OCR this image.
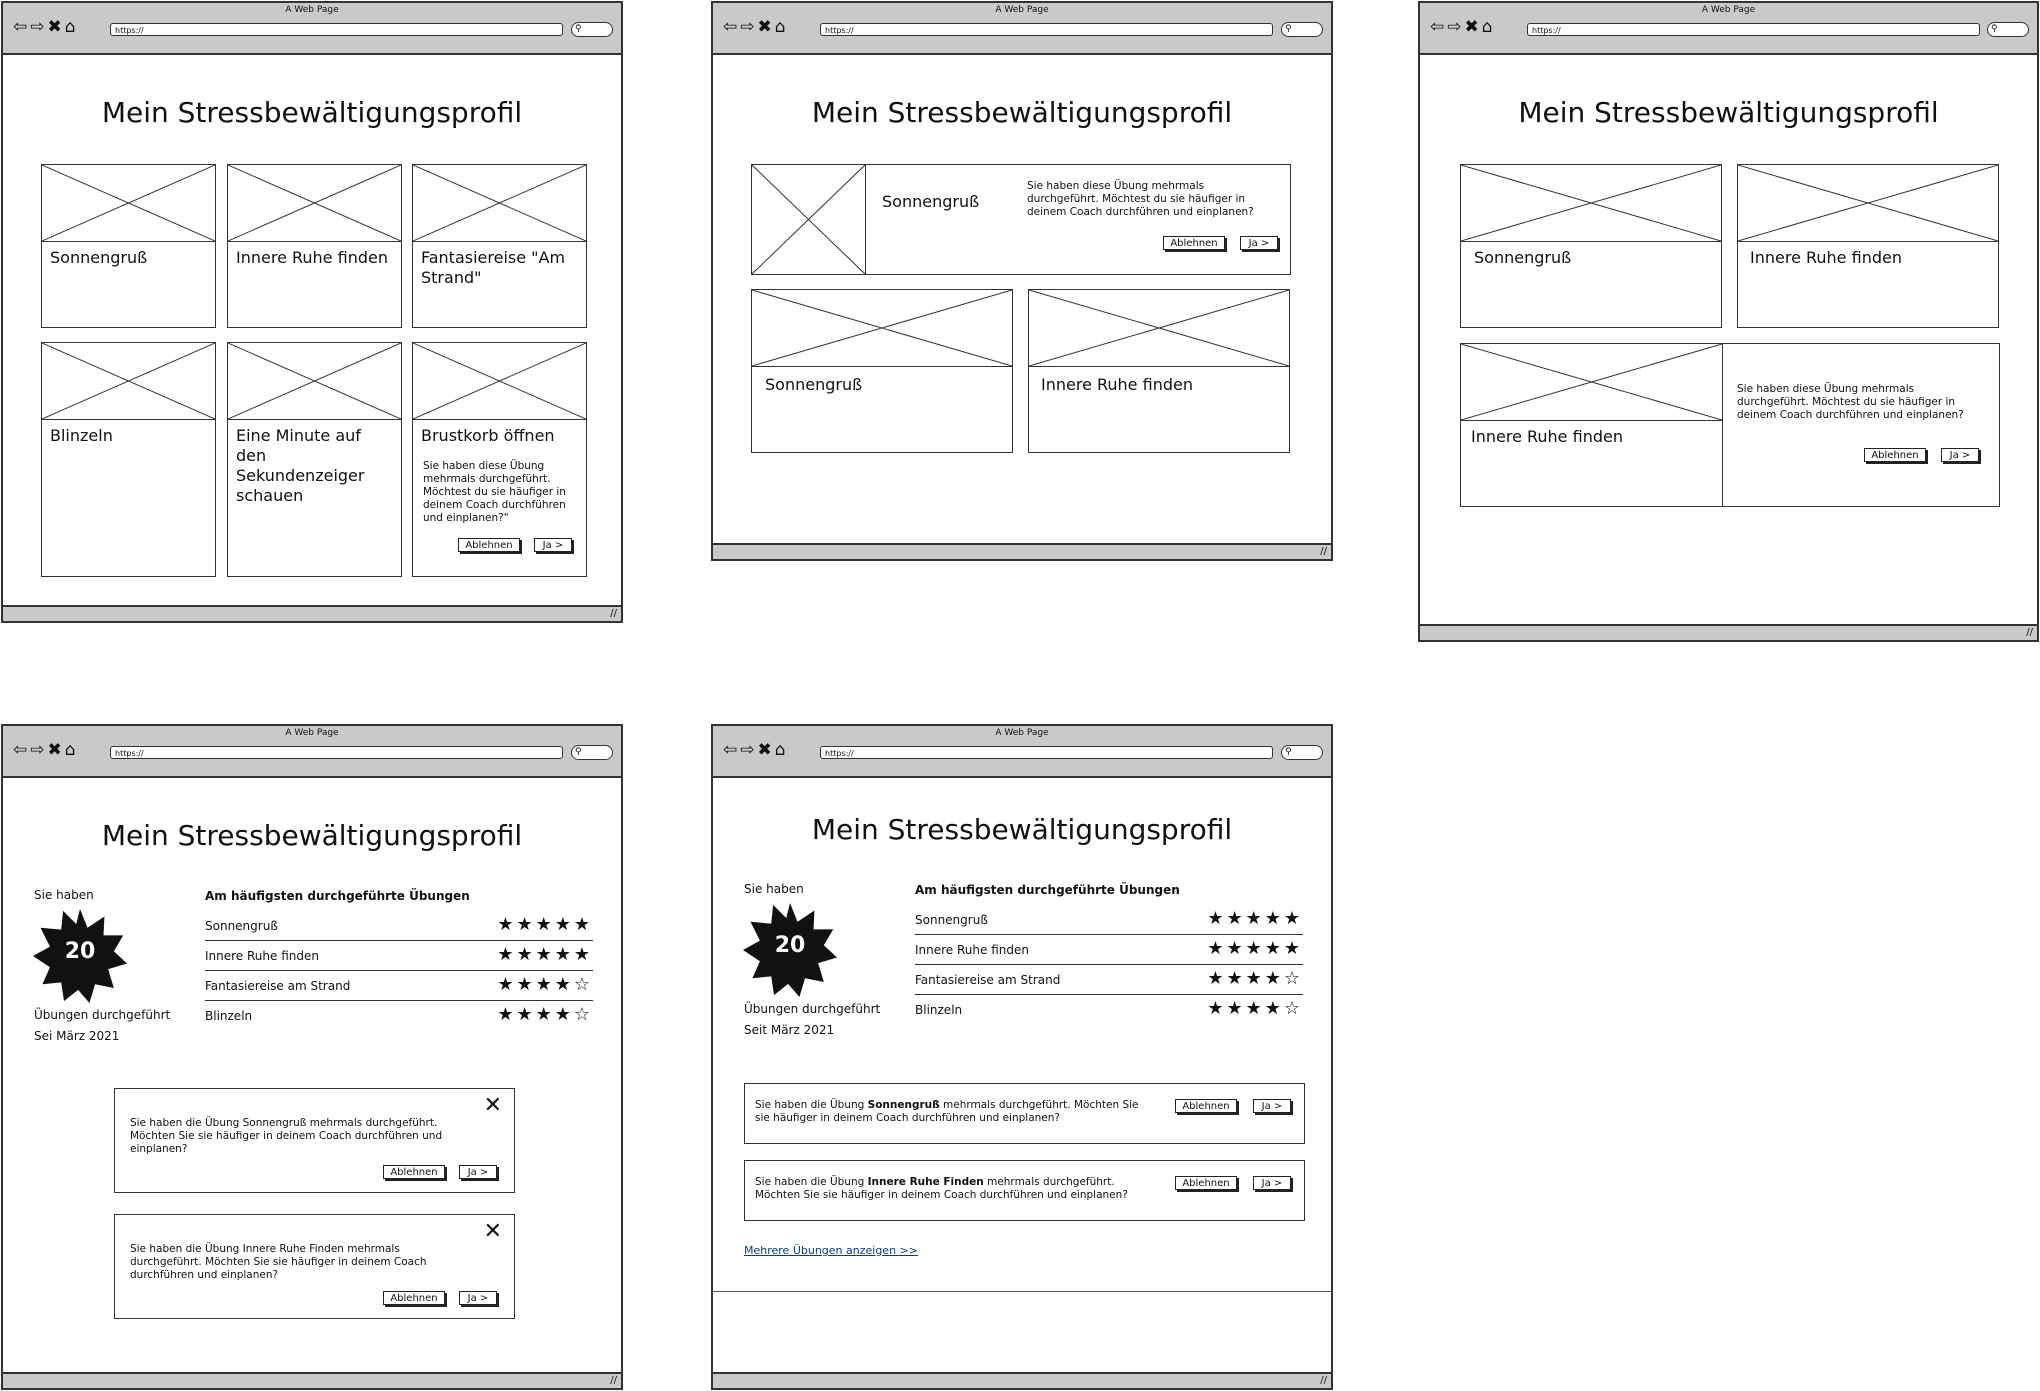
A Web Page
⇦⇨✖⌂	https://	⚲
Mein Stressbewältigungsprofil
Sonnengruß	Innere Ruhe finden	Fantasiereise "Am Strand"
Blinzeln	Eine Minute auf den Sekundenzeiger schauen
Brustkorb öffnen
Sie haben diese Übung mehrmals durchgeführt. Möchtest du sie häufiger in deinem Coach durchführen und einplanen?"
Ablehnen	Ja >
//
A Web Page
⇦⇨✖⌂	https://	⚲
Mein Stressbewältigungsprofil
Sonnengruß
Sie haben diese Übung mehrmals durchgeführt. Möchtest du sie häufiger in deinem Coach durchführen und einplanen?
Ablehnen	Ja >
Sonnengruß	Innere Ruhe finden
//
A Web Page
⇦⇨✖⌂	https://	⚲
Mein Stressbewältigungsprofil
Sonnengruß	Innere Ruhe finden
Innere Ruhe finden
Sie haben diese Übung mehrmals durchgeführt. Möchtest du sie häufiger in deinem Coach durchführen und einplanen?
Ablehnen	Ja >
//
A Web Page
⇦⇨✖⌂	https://	⚲
Mein Stressbewältigungsprofil
Sie haben
20
Übungen durchgeführt
Sei März 2021
Am häufigsten durchgeführte Übungen
Sonnengruß	★★★★★
Innere Ruhe finden	★★★★★
Fantasiereise am Strand	★★★★☆
Blinzeln	★★★★☆
✕
Sie haben die Übung Sonnengruß mehrmals durchgeführt. Möchten Sie sie häufiger in deinem Coach durchführen und einplanen?
Ablehnen	Ja >
✕
Sie haben die Übung Innere Ruhe Finden mehrmals durchgeführt. Möchten Sie sie häufiger in deinem Coach durchführen und einplanen?
Ablehnen	Ja >
//
A Web Page
⇦⇨✖⌂	https://	⚲
Mein Stressbewältigungsprofil
Sie haben
20
Übungen durchgeführt
Seit März 2021
Am häufigsten durchgeführte Übungen
Sonnengruß	★★★★★
Innere Ruhe finden	★★★★★
Fantasiereise am Strand	★★★★☆
Blinzeln	★★★★☆
Sie haben die Übung Sonnengruß mehrmals durchgeführt. Möchten Sie sie häufiger in deinem Coach durchführen und einplanen?
Ablehnen	Ja >
Sie haben die Übung Innere Ruhe Finden mehrmals durchgeführt. Möchten Sie sie häufiger in deinem Coach durchführen und einplanen?
Ablehnen	Ja >
Mehrere Übungen anzeigen >>
//
